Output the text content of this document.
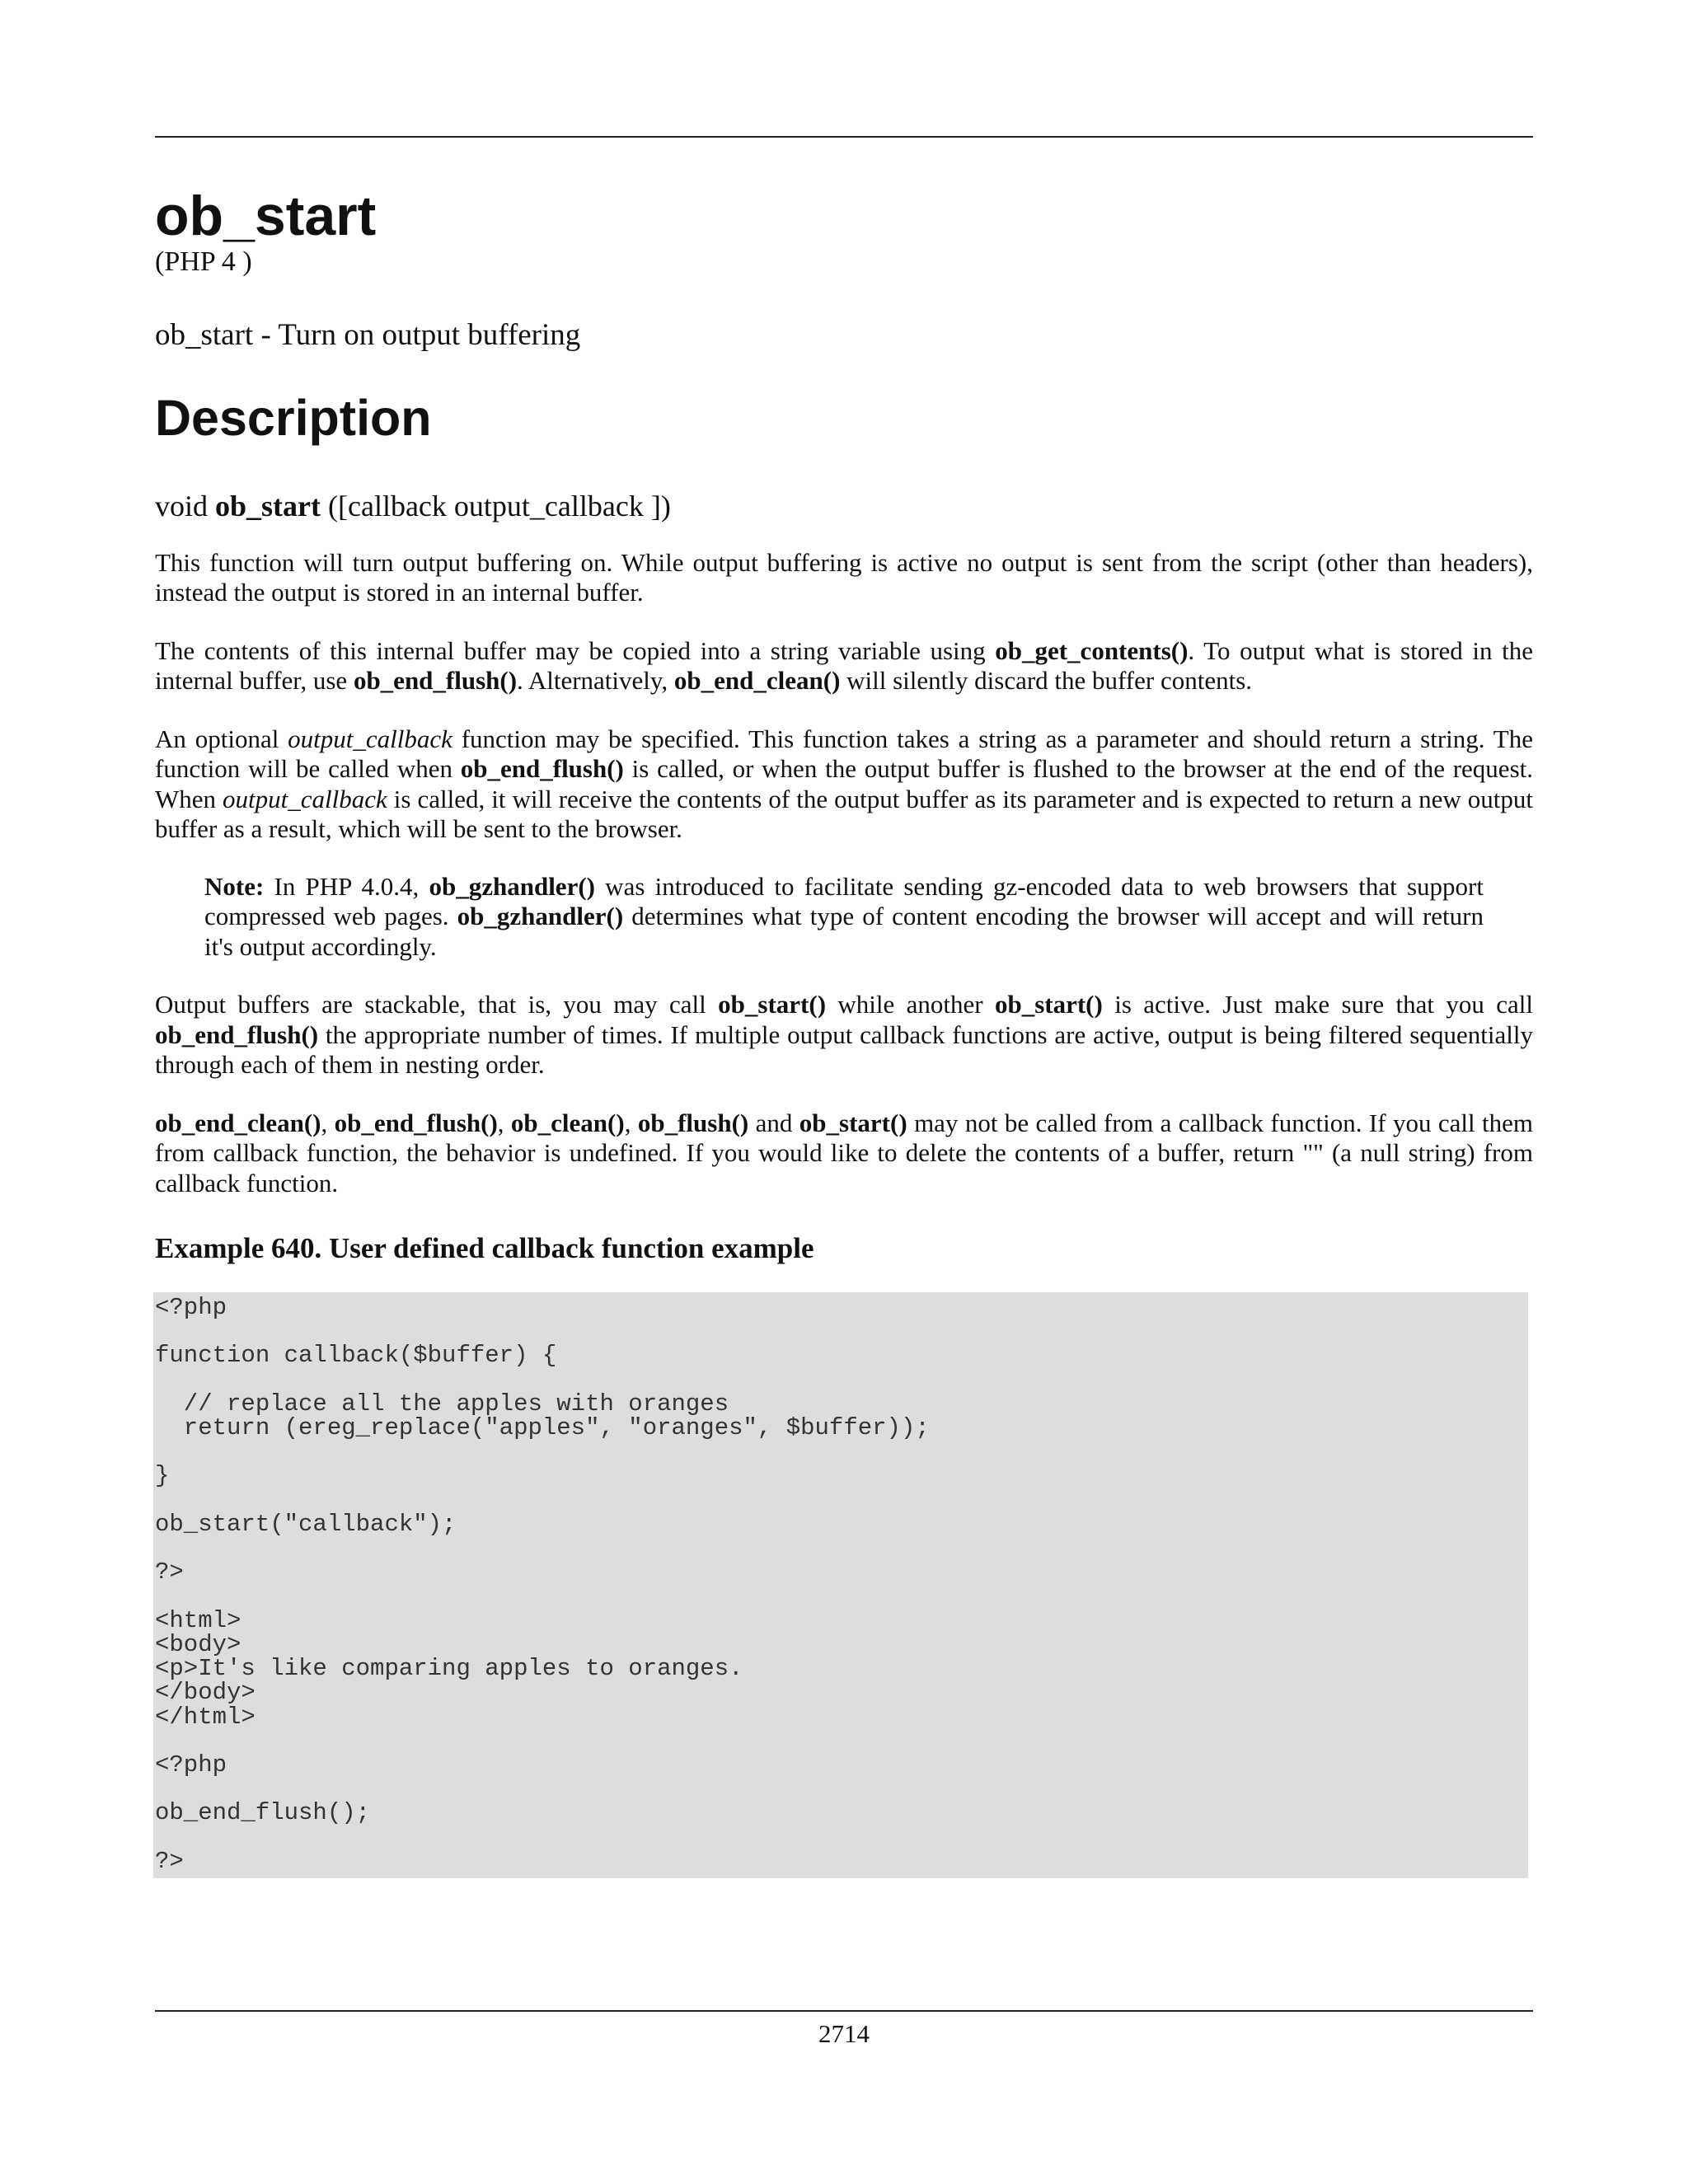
ob_start
(PHP 4 )
ob_start - Turn on output buffering
Description
void ob_start ([callback output_callback ])

This function will turn output buffering on. While output buffering is active no output is sent from the script (other than headers), instead the output is stored in an internal buffer.

The contents of this internal buffer may be copied into a string variable using ob_get_contents(). To output what is stored in the internal buffer, use ob_end_flush(). Alternatively, ob_end_clean() will silently discard the buffer contents.

An optional output_callback function may be specified. This function takes a string as a parameter and should return a string. The function will be called when ob_end_flush() is called, or when the output buffer is flushed to the browser at the end of the request. When output_callback is called, it will receive the contents of the output buffer as its parameter and is expected to return a new output buffer as a result, which will be sent to the browser.

Note: In PHP 4.0.4, ob_gzhandler() was introduced to facilitate sending gz-encoded data to web browsers that support compressed web pages. ob_gzhandler() determines what type of content encoding the browser will accept and will return it's output accordingly.

Output buffers are stackable, that is, you may call ob_start() while another ob_start() is active. Just make sure that you call ob_end_flush() the appropriate number of times. If multiple output callback functions are active, output is being filtered sequentially through each of them in nesting order.

ob_end_clean(), ob_end_flush(), ob_clean(), ob_flush() and ob_start() may not be called from a callback function. If you call them from callback function, the behavior is undefined. If you would like to delete the contents of a buffer, return "" (a null string) from callback function.

Example 640. User defined callback function example
<?php

function callback($buffer) {

// replace all the apples with oranges
return (ereg_replace("apples", "oranges", $buffer));

}

ob_start("callback");

?>

<html>
<body>
<p>It's like comparing apples to oranges.
</body>
</html>

<?php

ob_end_flush();

?>
2714
